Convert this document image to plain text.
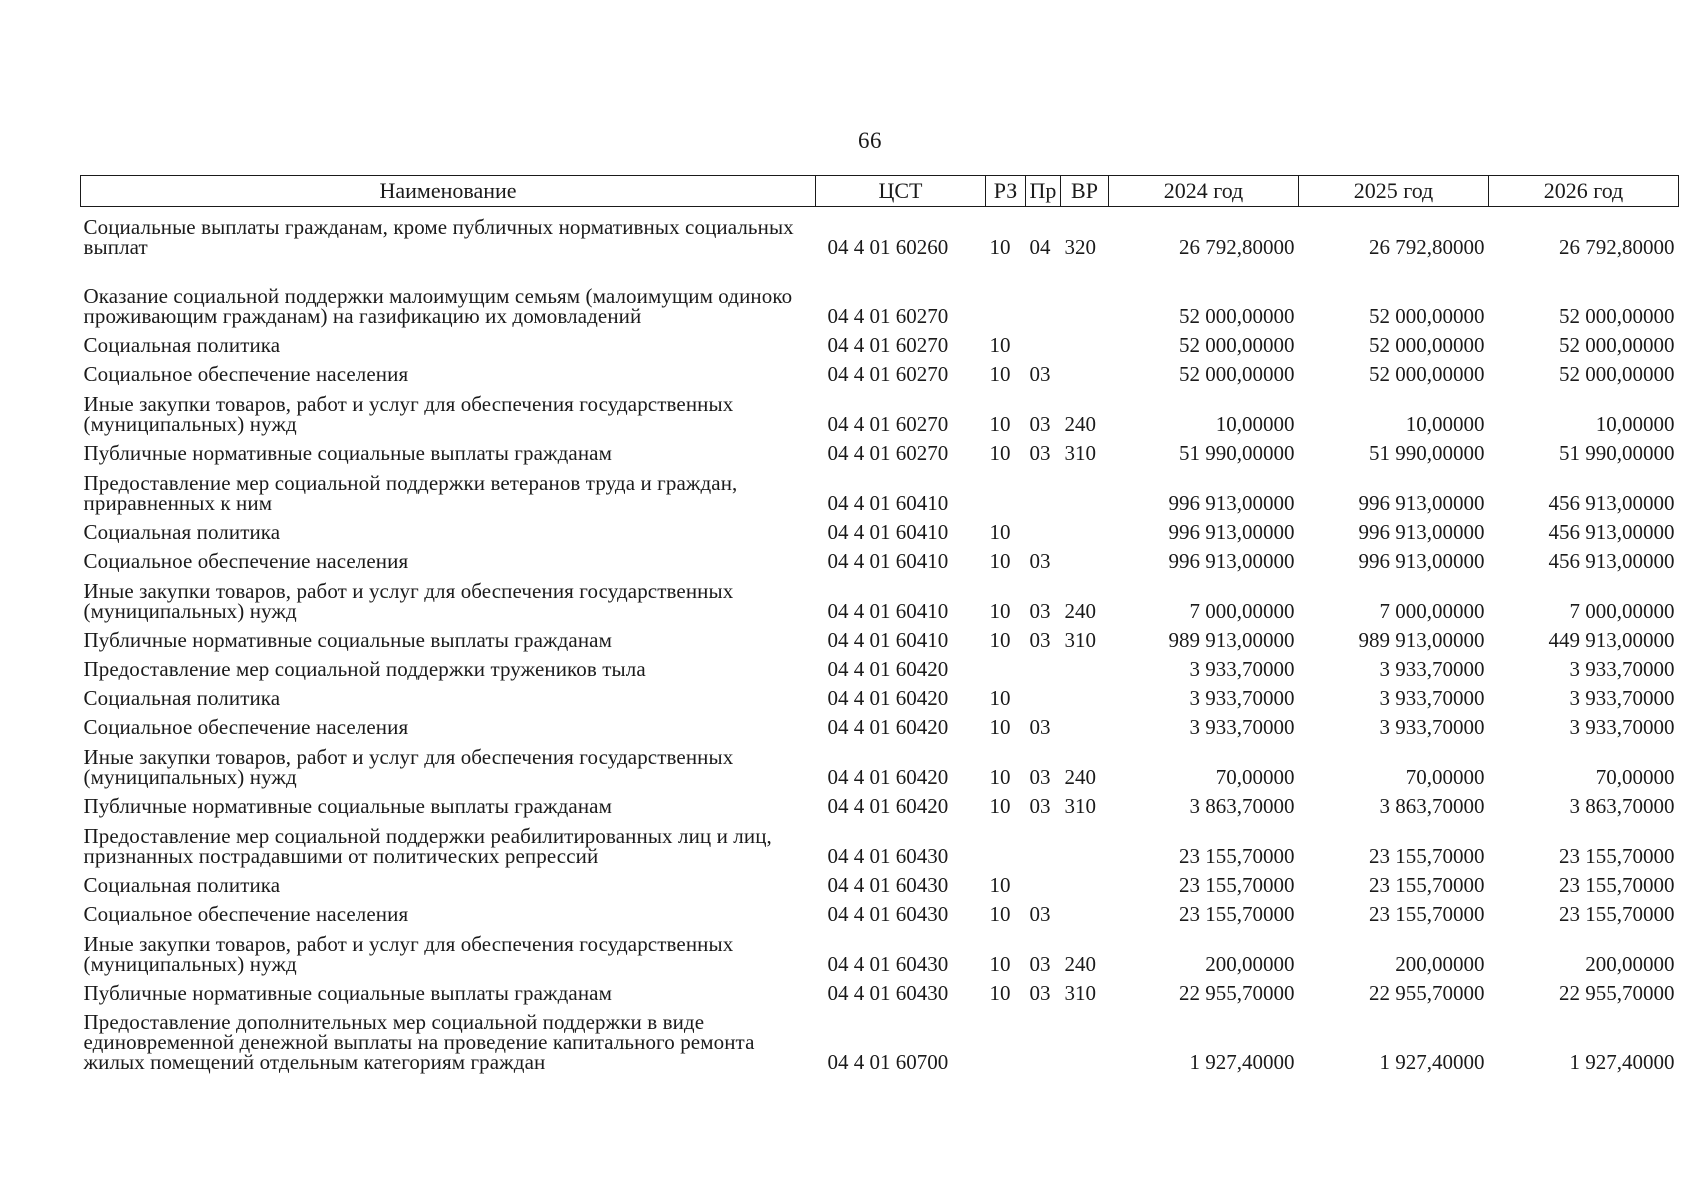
66
Наименование	ЦСТ	РЗ	Пр	ВР	2024 год	2025 год	2026 год
Социальные выплаты гражданам, кроме публичных нормативных социальных выплат	04 4 01 60260	10	04	320	26 792,80000	26 792,80000	26 792,80000
Оказание социальной поддержки малоимущим семьям (малоимущим одиноко проживающим гражданам) на газификацию их домовладений	04 4 01 60270				52 000,00000	52 000,00000	52 000,00000
Социальная политика	04 4 01 60270	10			52 000,00000	52 000,00000	52 000,00000
Социальное обеспечение населения	04 4 01 60270	10	03		52 000,00000	52 000,00000	52 000,00000
Иные закупки товаров, работ и услуг для обеспечения государственных (муниципальных) нужд	04 4 01 60270	10	03	240	10,00000	10,00000	10,00000
Публичные нормативные социальные выплаты гражданам	04 4 01 60270	10	03	310	51 990,00000	51 990,00000	51 990,00000
Предоставление мер социальной поддержки ветеранов труда и граждан, приравненных к ним	04 4 01 60410				996 913,00000	996 913,00000	456 913,00000
Социальная политика	04 4 01 60410	10			996 913,00000	996 913,00000	456 913,00000
Социальное обеспечение населения	04 4 01 60410	10	03		996 913,00000	996 913,00000	456 913,00000
Иные закупки товаров, работ и услуг для обеспечения государственных (муниципальных) нужд	04 4 01 60410	10	03	240	7 000,00000	7 000,00000	7 000,00000
Публичные нормативные социальные выплаты гражданам	04 4 01 60410	10	03	310	989 913,00000	989 913,00000	449 913,00000
Предоставление мер социальной поддержки тружеников тыла	04 4 01 60420				3 933,70000	3 933,70000	3 933,70000
Социальная политика	04 4 01 60420	10			3 933,70000	3 933,70000	3 933,70000
Социальное обеспечение населения	04 4 01 60420	10	03		3 933,70000	3 933,70000	3 933,70000
Иные закупки товаров, работ и услуг для обеспечения государственных (муниципальных) нужд	04 4 01 60420	10	03	240	70,00000	70,00000	70,00000
Публичные нормативные социальные выплаты гражданам	04 4 01 60420	10	03	310	3 863,70000	3 863,70000	3 863,70000
Предоставление мер социальной поддержки реабилитированных лиц и лиц, признанных пострадавшими от политических репрессий	04 4 01 60430				23 155,70000	23 155,70000	23 155,70000
Социальная политика	04 4 01 60430	10			23 155,70000	23 155,70000	23 155,70000
Социальное обеспечение населения	04 4 01 60430	10	03		23 155,70000	23 155,70000	23 155,70000
Иные закупки товаров, работ и услуг для обеспечения государственных (муниципальных) нужд	04 4 01 60430	10	03	240	200,00000	200,00000	200,00000
Публичные нормативные социальные выплаты гражданам	04 4 01 60430	10	03	310	22 955,70000	22 955,70000	22 955,70000
Предоставление дополнительных мер социальной поддержки в виде единовременной денежной выплаты на проведение капитального ремонта жилых помещений отдельным категориям граждан	04 4 01 60700				1 927,40000	1 927,40000	1 927,40000
